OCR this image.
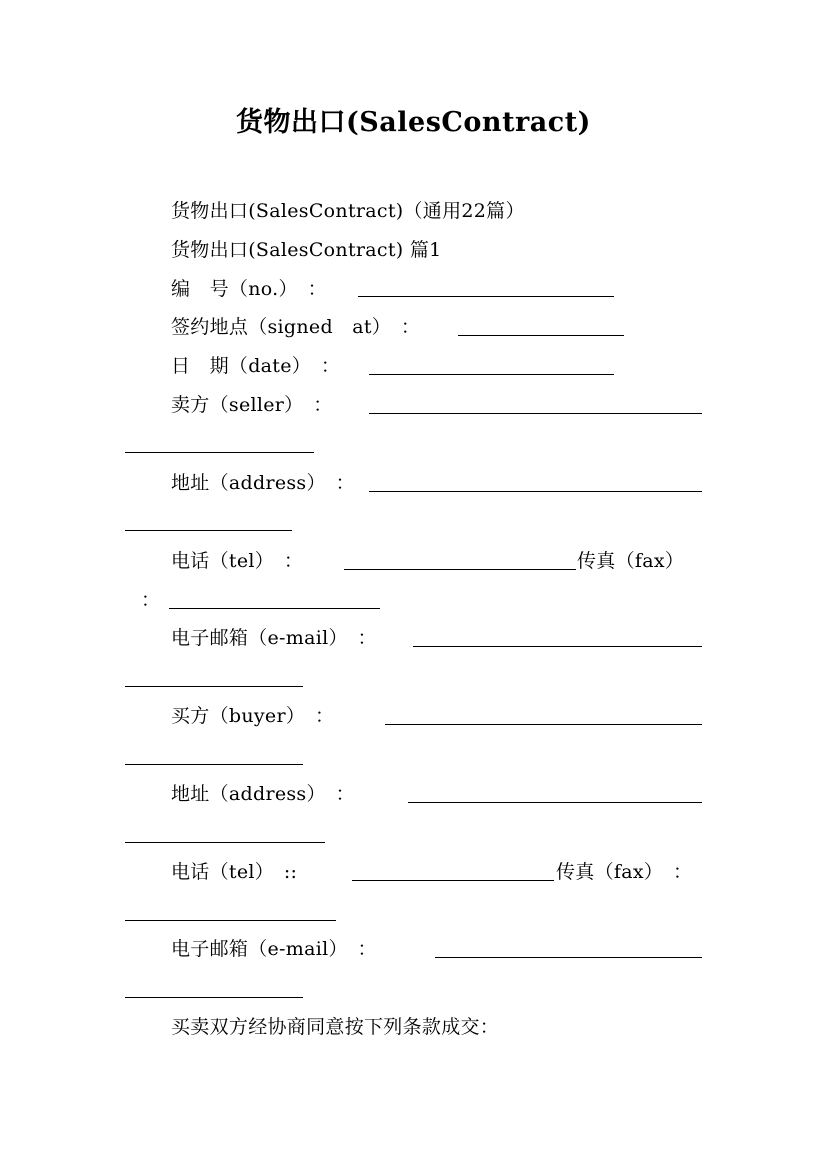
货物出口(SalesContract)
货物出口(SalesContract)（通用22篇）
货物出口(SalesContract) 篇1
编　号（no.）　：
签约地点（signed　at）　：
日　期（date）　：
卖方（seller）　：
地址（address）　：
电话（tel）　：	传真（fax）
：
电子邮箱（e-mail）　：
买方（buyer）　：
地址（address）　：
电话（tel）　::	传真（fax）　：
电子邮箱（e-mail）　：
买卖双方经协商同意按下列条款成交：
